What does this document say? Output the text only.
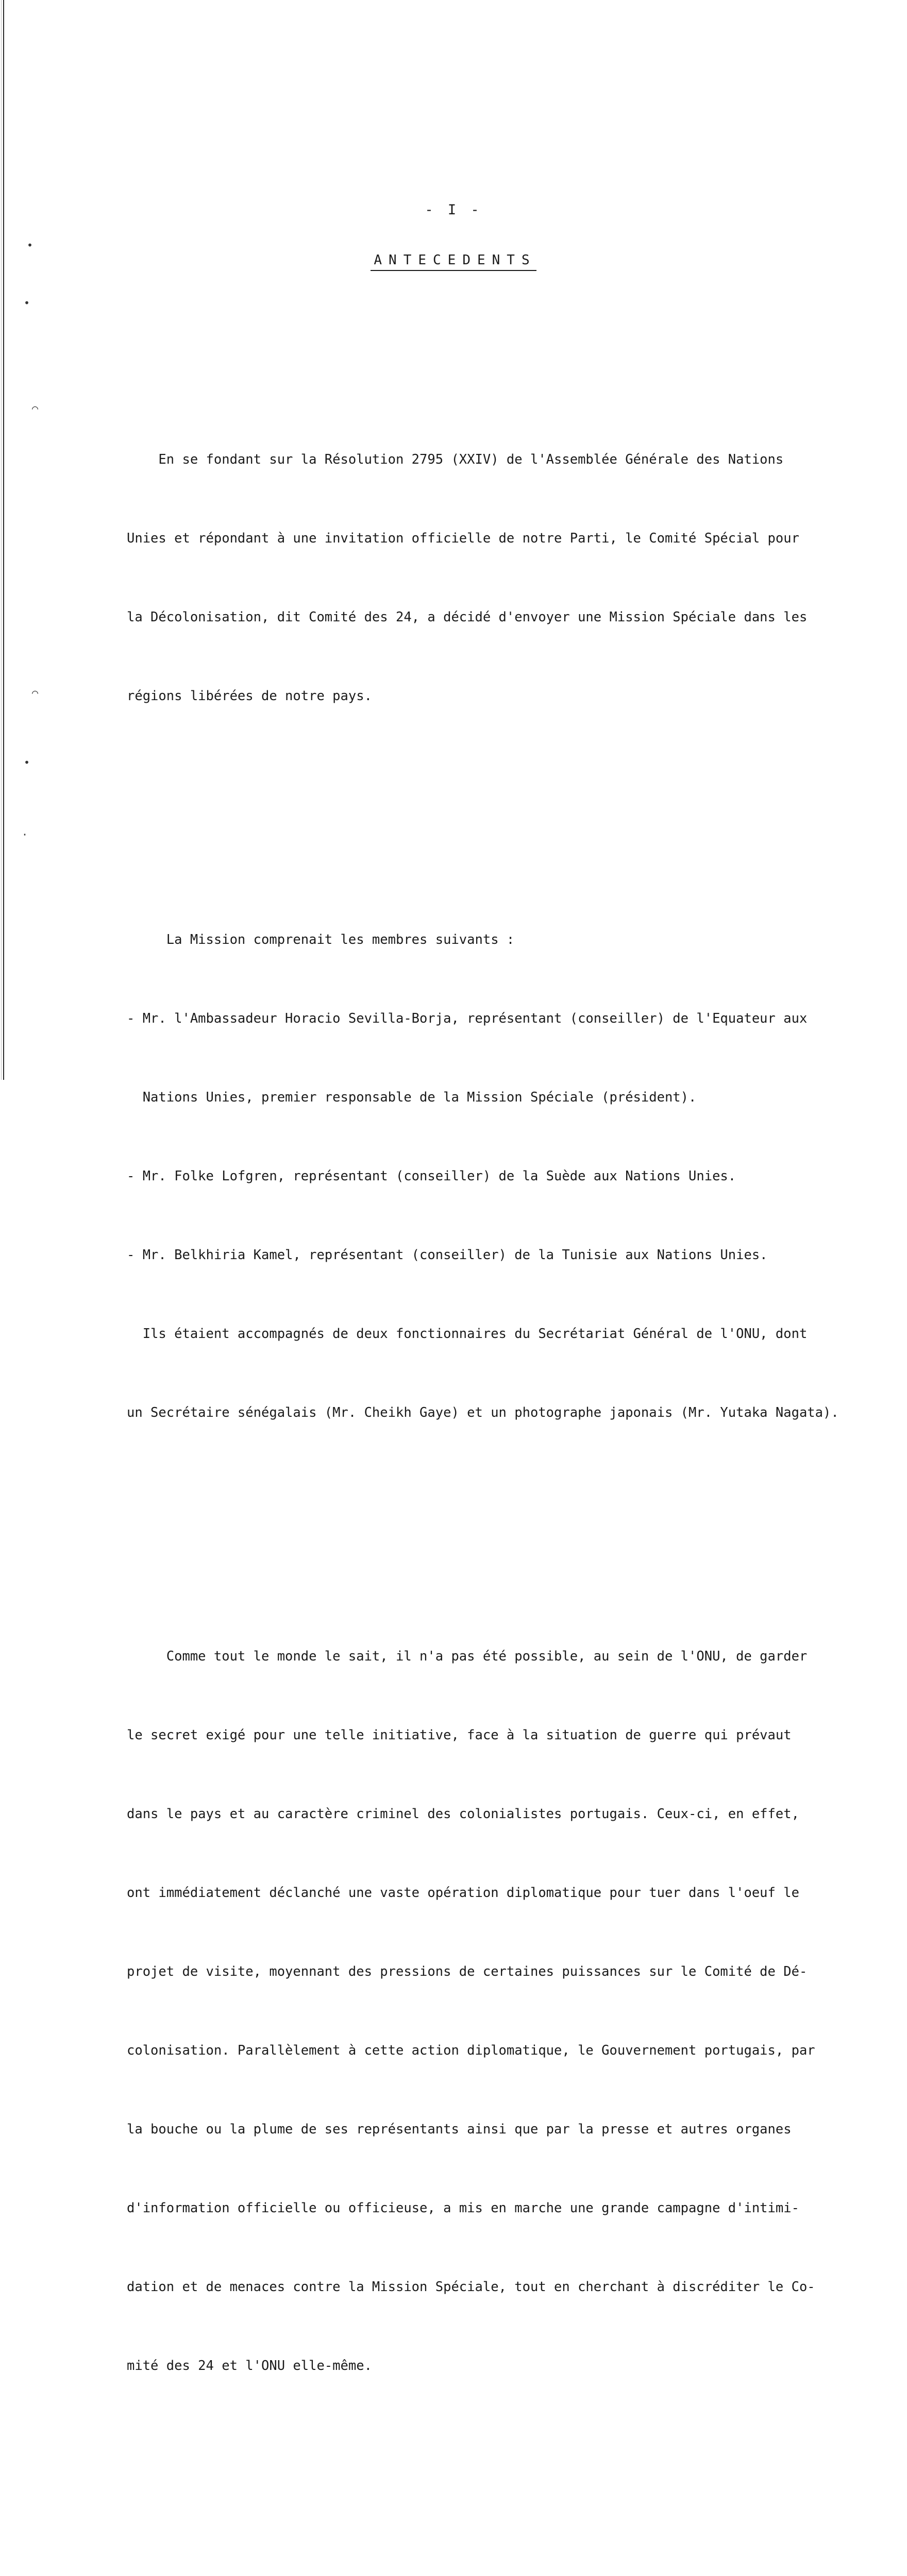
•
•
⌒
⌒
•
·
- I -
ANTECEDENTS

En se fondant sur la Résolution 2795 (XXIV) de l'Assemblée Générale des Nations

Unies et répondant à une invitation officielle de notre Parti, le Comité Spécial pour

la Décolonisation, dit Comité des 24, a décidé d'envoyer une Mission Spéciale dans les

régions libérées de notre pays.

La Mission comprenait les membres suivants :

- Mr. l'Ambassadeur Horacio Sevilla-Borja, représentant (conseiller) de l'Equateur aux

Nations Unies, premier responsable de la Mission Spéciale (président).

- Mr. Folke Lofgren, représentant (conseiller) de la Suède aux Nations Unies.

- Mr. Belkhiria Kamel, représentant (conseiller) de la Tunisie aux Nations Unies.

Ils étaient accompagnés de deux fonctionnaires du Secrétariat Général de l'ONU, dont

un Secrétaire sénégalais (Mr. Cheikh Gaye) et un photographe japonais (Mr. Yutaka Nagata).

Comme tout le monde le sait, il n'a pas été possible, au sein de l'ONU, de garder

le secret exigé pour une telle initiative, face à la situation de guerre qui prévaut

dans le pays et au caractère criminel des colonialistes portugais. Ceux-ci, en effet,

ont immédiatement déclanché une vaste opération diplomatique pour tuer dans l'oeuf le

projet de visite, moyennant des pressions de certaines puissances sur le Comité de Dé-

colonisation. Parallèlement à cette action diplomatique, le Gouvernement portugais, par

la bouche ou la plume de ses représentants ainsi que par la presse et autres organes

d'information officielle ou officieuse, a mis en marche une grande campagne d'intimi-

dation et de menaces contre la Mission Spéciale, tout en cherchant à discréditer le Co-

mité des 24 et l'ONU elle-même.
